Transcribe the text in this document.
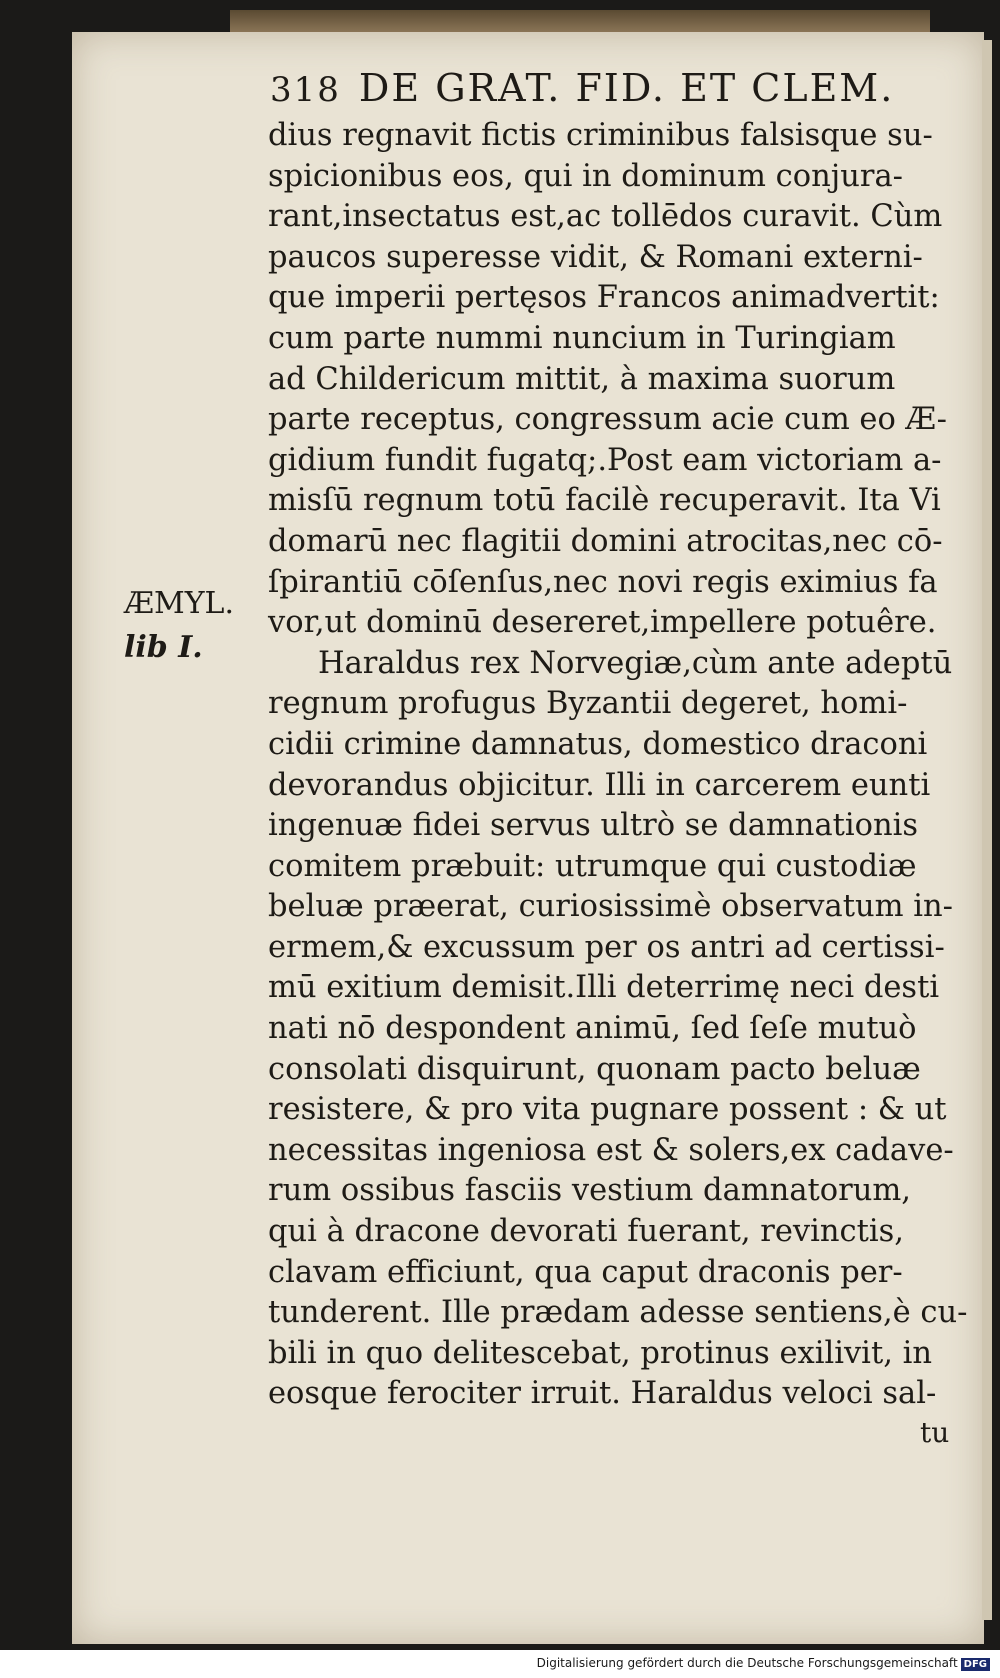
318 DE GRAT. FID. ET CLEM.
ÆMYL.
lib I.
dius regnavit fictis criminibus falsisque su-
spicionibus eos, qui in dominum conjura-
rant,insectatus est,ac tollēdos curavit. Cùm
paucos superesse vidit, & Romani externi-
que imperii pertęsos Francos animadvertit:
cum parte nummi nuncium in Turingiam
ad Childericum mittit, à maxima suorum
parte receptus, congressum acie cum eo Æ-
gidium fundit fugatq;.Post eam victoriam a-
misſū regnum totū facilè recuperavit. Ita Vi
domarū nec flagitii domini atrocitas,nec cō-
ſpirantiū cōſenſus,nec novi regis eximius fa
vor,ut dominū desereret,impellere potuêre.
Haraldus rex Norvegiæ,cùm ante adeptū
regnum profugus Byzantii degeret, homi-
cidii crimine damnatus, domestico draconi
devorandus objicitur. Illi in carcerem eunti
ingenuæ fidei servus ultrò se damnationis
comitem præbuit: utrumque qui custodiæ
beluæ præerat, curiosissimè observatum in-
ermem,& excussum per os antri ad certissi-
mū exitium demisit.Illi deterrimę neci desti
nati nō despondent animū, ſed ſeſe mutuò
consolati disquirunt, quonam pacto beluæ
resistere, & pro vita pugnare possent : & ut
necessitas ingeniosa est & solers,ex cadave-
rum ossibus fasciis vestium damnatorum,
qui à dracone devorati fuerant, revinctis,
clavam efficiunt, qua caput draconis per-
tunderent. Ille prædam adesse sentiens,è cu-
bili in quo delitescebat, protinus exilivit, in
eosque ferociter irruit. Haraldus veloci sal-
tu
Digitalisierung gefördert durch die Deutsche Forschungsgemeinschaft DFG
